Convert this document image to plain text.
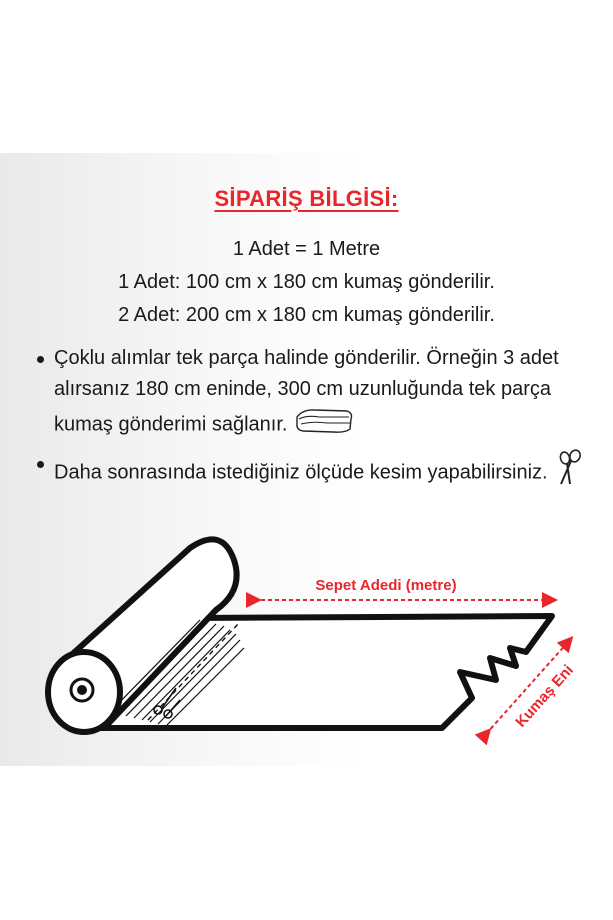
SİPARİŞ BİLGİSİ:
1 Adet = 1 Metre
1 Adet: 100 cm x 180 cm kumaş gönderilir.
2 Adet: 200 cm x 180 cm kumaş gönderilir.
Çoklu alımlar tek parça halinde gönderilir. Örneğin 3 adet alırsanız 180 cm eninde, 300 cm uzunluğunda tek parça kumaş gönderimi sağlanır.
Daha sonrasında istediğiniz ölçüde kesim yapabilirsiniz.
Sepet Adedi (metre)
Kumaş Eni
